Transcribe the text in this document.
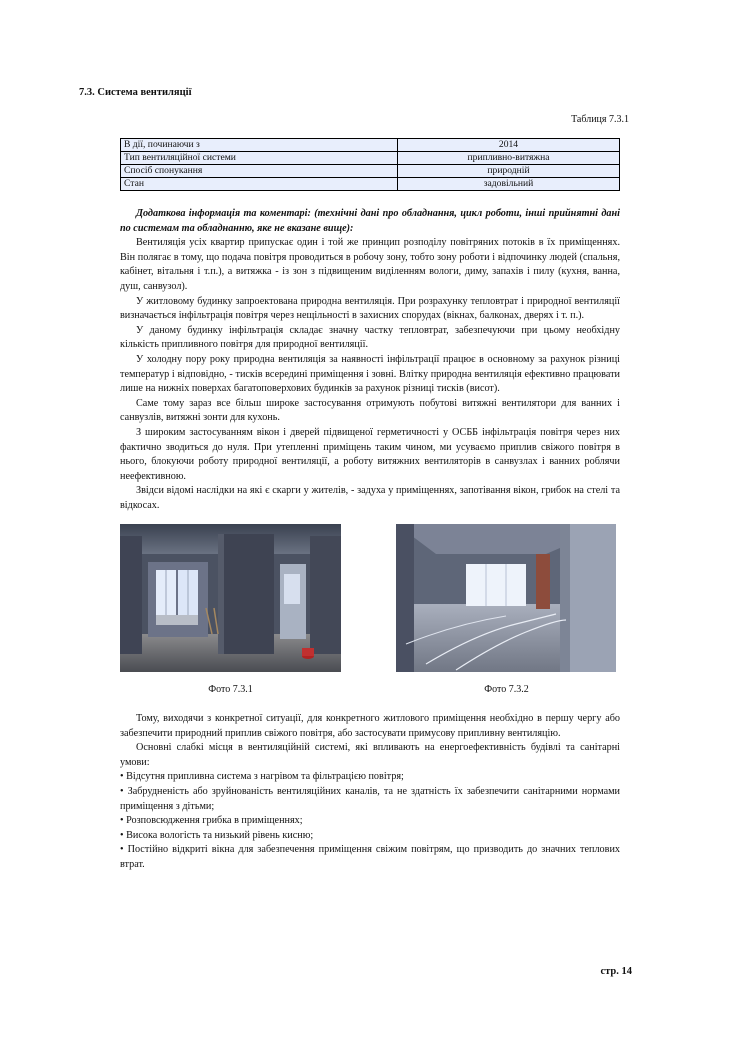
7.3. Система вентиляції
Таблиця 7.3.1
В дії, починаючи з	2014
Тип вентиляційної системи	припливно-витяжна
Спосіб спонукання	природній
Стан	задовільний

Додаткова інформація та коментарі: (технічні дані про обладнання, цикл роботи, інші прийнятні дані по системам та обладнанню, яке не вказане вище):

Вентиляція усіх квартир припускає один і той же принцип розподілу повітряних потоків в їх приміщеннях. Він полягає в тому, що подача повітря проводиться в робочу зону, тобто зону роботи і відпочинку людей (спальня, кабінет, вітальня і т.п.), а витяжка - із зон з підвищеним виділенням вологи, диму, запахів і пилу (кухня, ванна, душ, санвузол).

У житловому будинку запроектована природна вентиляція. При розрахунку тепловтрат і природної вентиляції визначається інфільтрація повітря через нещільності в захисних спорудах (вікнах, балконах, дверях і т. п.).

У даному будинку інфільтрація складає значну частку тепловтрат, забезпечуючи при цьому необхідну кількість припливного повітря для природної вентиляції.

У холодну пору року природна вентиляція за наявності інфільтрації працює в основному за рахунок різниці температур і відповідно, - тисків всередині приміщення і зовні. Влітку природна вентиляція ефективно працювати лише на нижніх поверхах багатоповерхових будинків за рахунок різниці тисків (висот).

Саме тому зараз все більш широке застосування отримують побутові витяжні вентилятори для ванних і санвузлів, витяжні зонти для кухонь.

З широким застосуванням вікон і дверей підвищеної герметичності у ОСББ інфільтрація повітря через них фактично зводиться до нуля. При утепленні приміщень таким чином, ми усуваємо приплив свіжого повітря в нього, блокуючи роботу природної вентиляції, а роботу витяжних вентиляторів в санвузлах і ванних роблячи неефективною.

Звідси відомі наслідки на які є скарги у жителів, - задуха у приміщеннях, запотівання вікон, грибок на стелі та відкосах.

Фото 7.3.1	Фото 7.3.2

Тому, виходячи з конкретної ситуації, для конкретного житлового приміщення необхідно в першу чергу або забезпечити природний приплив свіжого повітря, або застосувати примусову припливну вентиляцію.

Основні слабкі місця в вентиляційній системі, які впливають на енергоефективність будівлі та санітарні умови:

• Відсутня припливна система з нагрівом та фільтрацією повітря;

• Забрудненість або зруйнованість вентиляційних каналів, та не здатність їх забезпечити санітарними нормами приміщення з дітьми;

• Розповсюдження грибка в приміщеннях;

• Висока вологість та низький рівень кисню;

• Постійно відкриті вікна для забезпечення приміщення свіжим повітрям, що призводить до значних теплових втрат.

стр. 14
